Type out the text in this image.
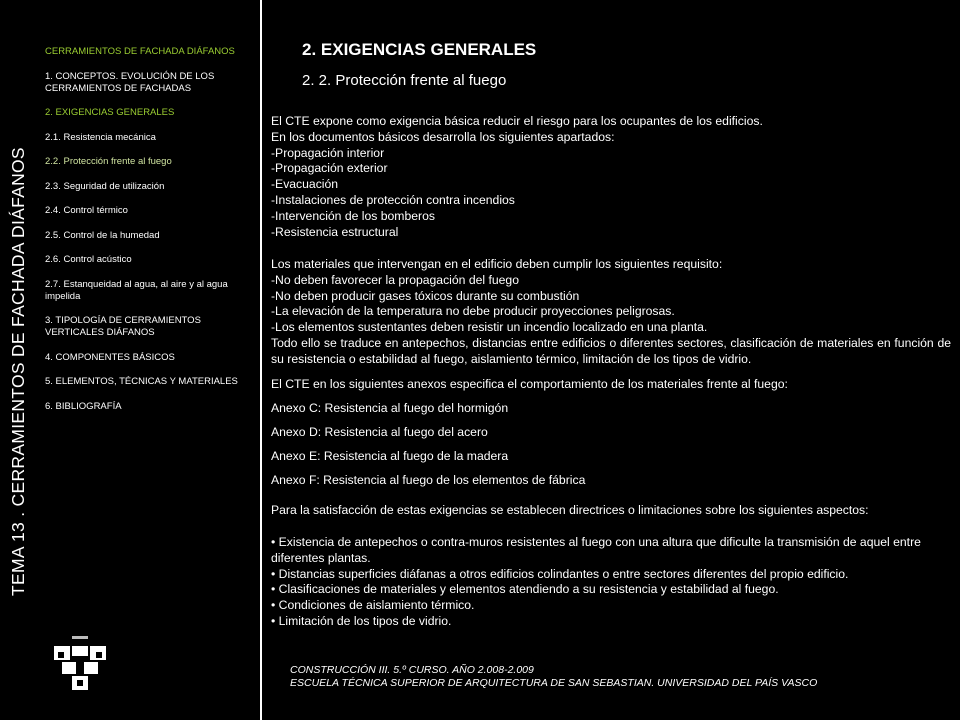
TEMA 13 . CERRAMIENTOS DE FACHADA DIÁFANOS
CERRAMIENTOS DE FACHADA DIÁFANOS
1. CONCEPTOS. EVOLUCIÓN DE LOS CERRAMIENTOS DE FACHADAS
2. EXIGENCIAS GENERALES
2.1. Resistencia mecánica
2.2. Protección frente al fuego
2.3. Seguridad de utilización
2.4. Control térmico
2.5. Control de la humedad
2.6. Control acústico
2.7. Estanqueidad al agua, al aire y al agua impelida
3. TIPOLOGÍA DE CERRAMIENTOS VERTICALES DIÁFANOS
4. COMPONENTES BÁSICOS
5. ELEMENTOS, TÉCNICAS Y MATERIALES
6. BIBLIOGRAFÍA
2. EXIGENCIAS GENERALES
2. 2. Protección frente al fuego
El CTE expone como exigencia básica reducir el riesgo para los ocupantes de los edificios.
En los documentos básicos desarrolla los siguientes apartados:
-Propagación interior
-Propagación exterior
-Evacuación
-Instalaciones de protección contra incendios
-Intervención de los bomberos
-Resistencia estructural
Los materiales que intervengan en el edificio deben cumplir los siguientes requisito:
-No deben favorecer la propagación del fuego
-No deben producir gases tóxicos durante su combustión
-La elevación de la temperatura no debe producir proyecciones peligrosas.
-Los elementos sustentantes deben resistir un incendio localizado en una planta.
Todo ello se traduce en antepechos, distancias entre edificios o diferentes sectores, clasificación de materiales en función de su resistencia o estabilidad al fuego, aislamiento térmico, limitación de los tipos de vidrio.
El CTE en los siguientes anexos especifica el comportamiento de los materiales frente al fuego:
Anexo C: Resistencia al fuego del hormigón
Anexo D: Resistencia al fuego del acero
Anexo E: Resistencia al fuego de la madera
Anexo F: Resistencia al fuego de los elementos de fábrica
Para la satisfacción de estas exigencias se establecen directrices o limitaciones sobre los siguientes aspectos:
• Existencia de antepechos o contra-muros resistentes al fuego con una altura que dificulte la transmisión de aquel entre diferentes plantas.
• Distancias superficies diáfanas a otros edificios colindantes o entre sectores diferentes del propio edificio.
• Clasificaciones de materiales y elementos atendiendo a su resistencia y estabilidad al fuego.
• Condiciones de aislamiento térmico.
• Limitación de los tipos de vidrio.
CONSTRUCCIÓN III. 5.º CURSO. AÑO 2.008-2.009
ESCUELA TÉCNICA SUPERIOR DE ARQUITECTURA DE SAN SEBASTIAN. UNIVERSIDAD DEL PAÍS VASCO
